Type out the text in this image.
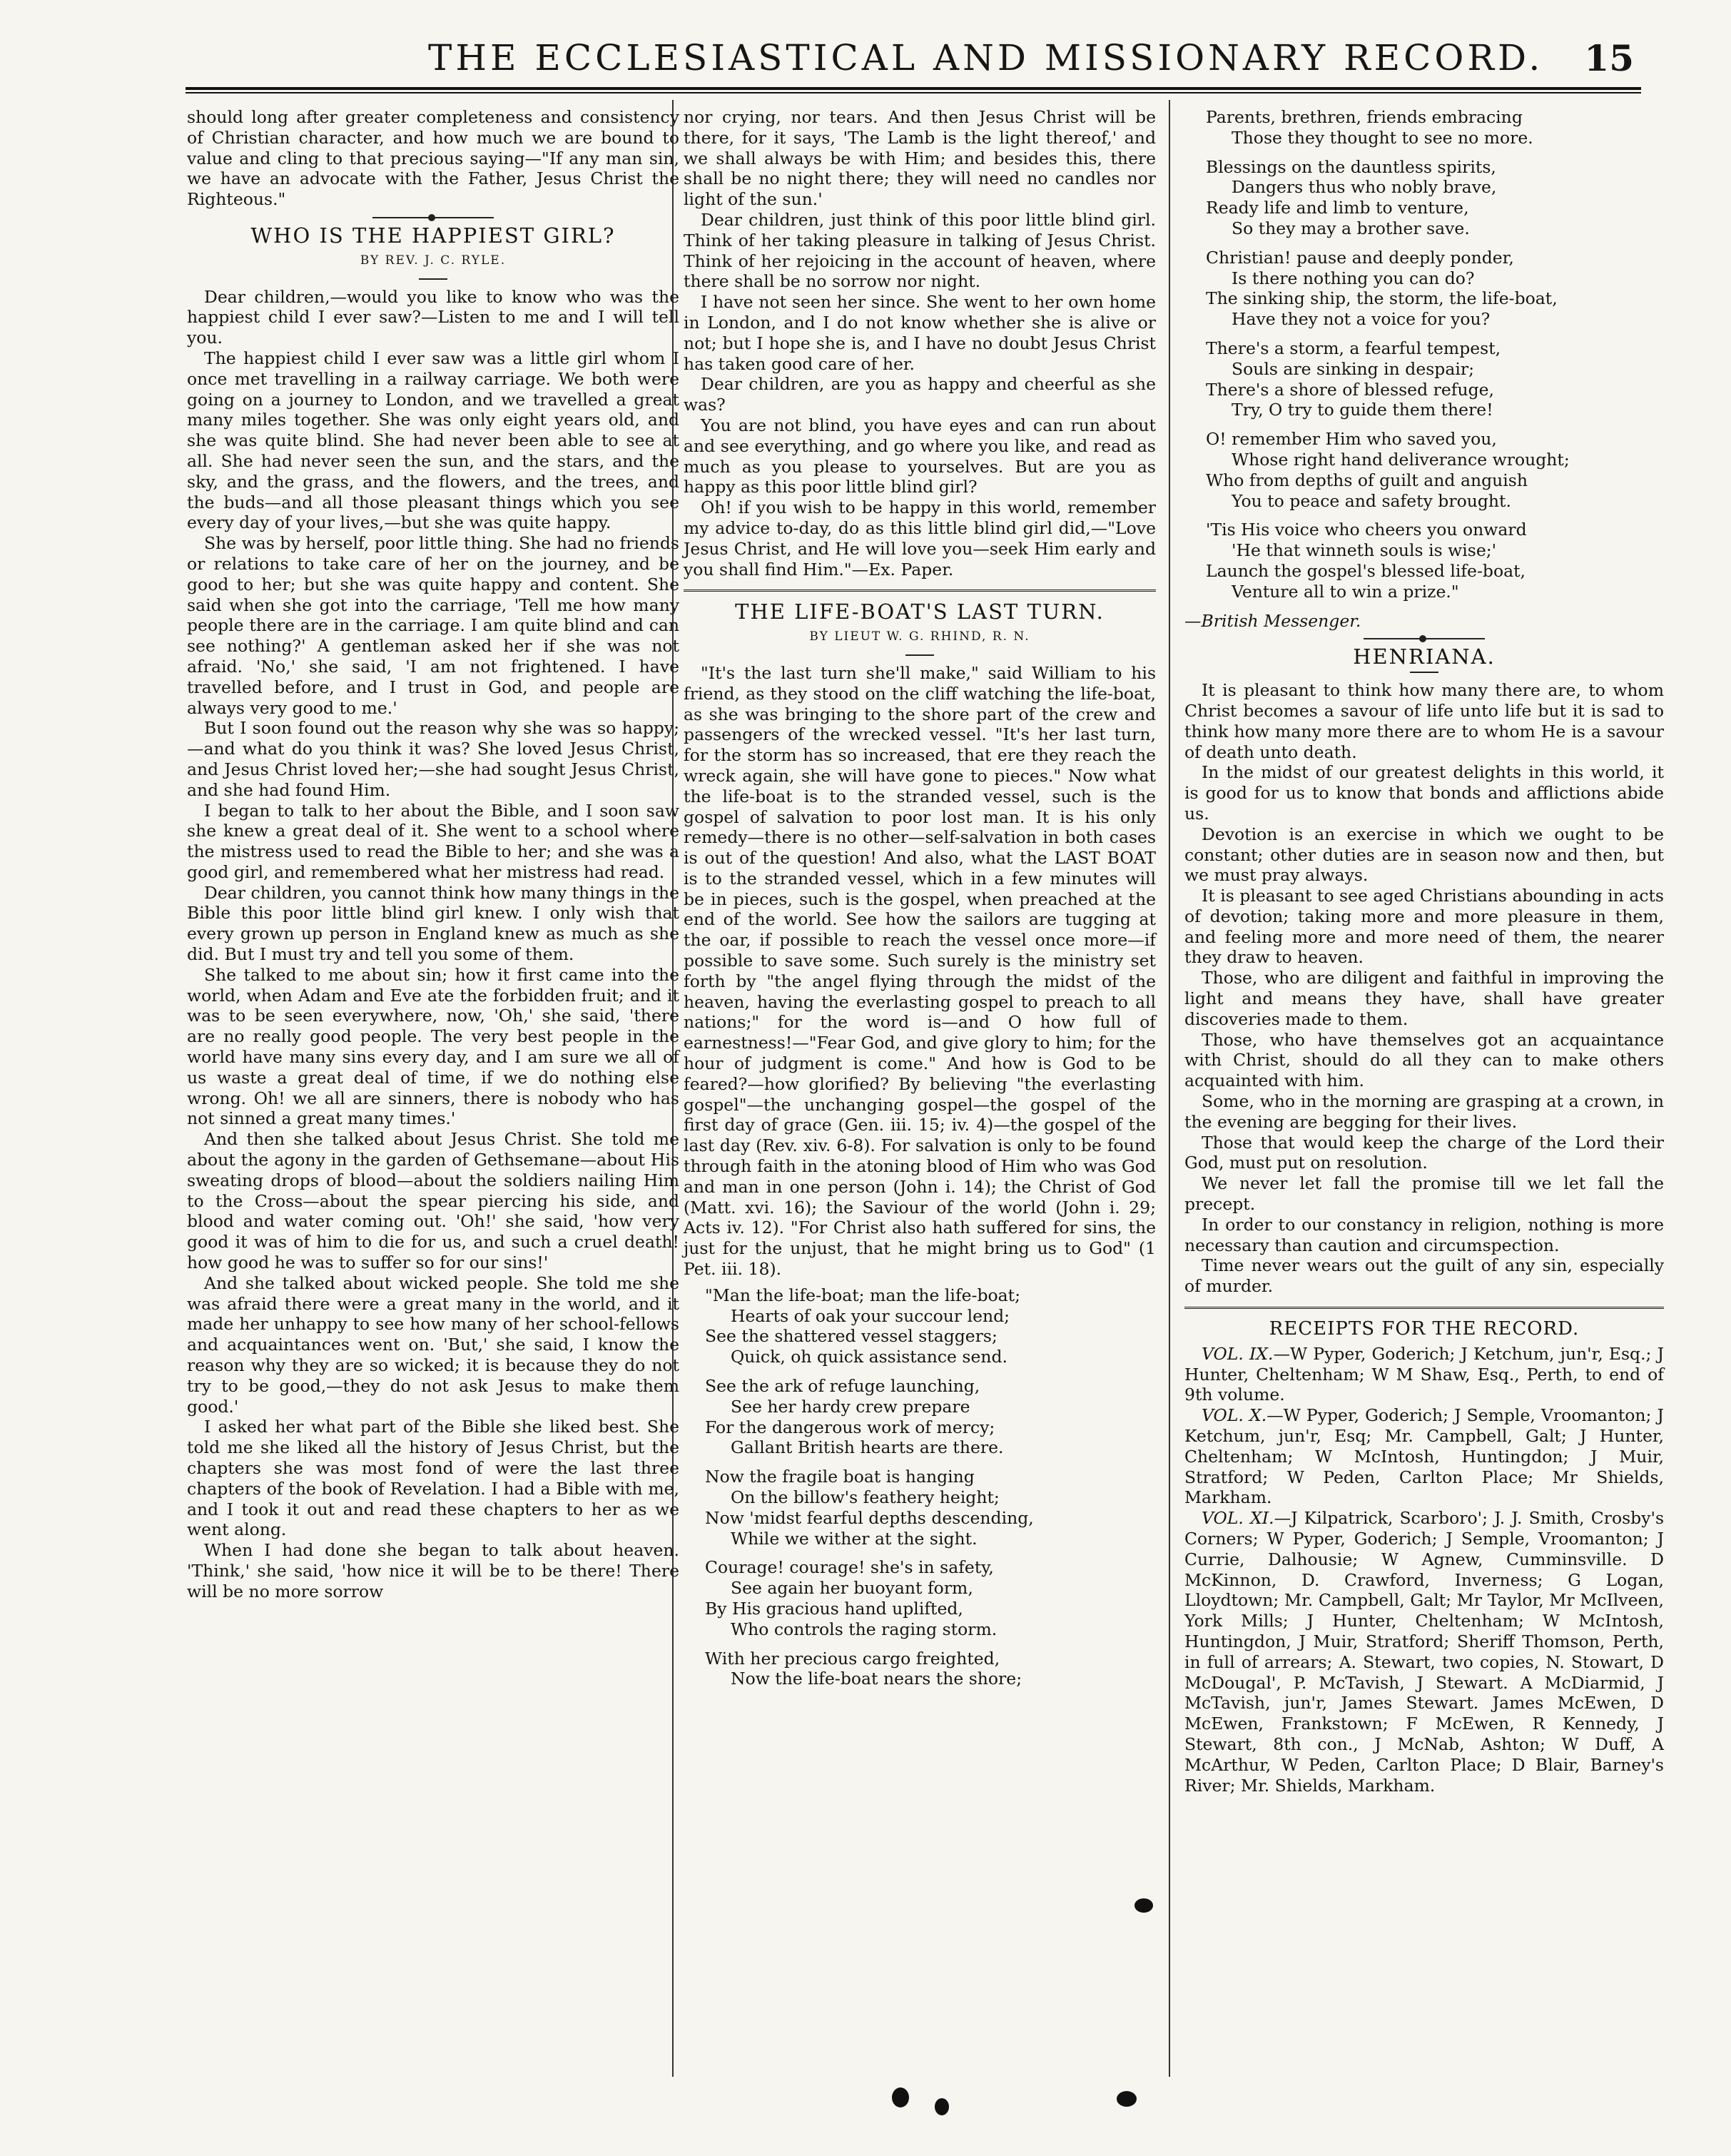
THE ECCLESIASTICAL AND MISSIONARY RECORD. 15

should long after greater completeness and consistency of Christian character, and how much we are bound to value and cling to that precious saying—"If any man sin, we have an advocate with the Father, Jesus Christ the Righteous."

WHO IS THE HAPPIEST GIRL?
BY REV. J. C. RYLE.

Dear children,—would you like to know who was the happiest child I ever saw?—Listen to me and I will tell you.

The happiest child I ever saw was a little girl whom I once met travelling in a railway carriage. We both were going on a journey to London, and we travelled a great many miles together. She was only eight years old, and she was quite blind. She had never been able to see at all. She had never seen the sun, and the stars, and the sky, and the grass, and the flowers, and the trees, and the buds—and all those pleasant things which you see every day of your lives,—but she was quite happy.

She was by herself, poor little thing. She had no friends or relations to take care of her on the journey, and be good to her; but she was quite happy and content. She said when she got into the carriage, 'Tell me how many people there are in the carriage. I am quite blind and can see nothing?' A gentleman asked her if she was not afraid. 'No,' she said, 'I am not frightened. I have travelled before, and I trust in God, and people are always very good to me.'

But I soon found out the reason why she was so happy;—and what do you think it was? She loved Jesus Christ, and Jesus Christ loved her;—she had sought Jesus Christ, and she had found Him.

I began to talk to her about the Bible, and I soon saw she knew a great deal of it. She went to a school where the mistress used to read the Bible to her; and she was a good girl, and remembered what her mistress had read.

Dear children, you cannot think how many things in the Bible this poor little blind girl knew. I only wish that every grown up person in England knew as much as she did. But I must try and tell you some of them.

She talked to me about sin; how it first came into the world, when Adam and Eve ate the forbidden fruit; and it was to be seen everywhere, now, 'Oh,' she said, 'there are no really good people. The very best people in the world have many sins every day, and I am sure we all of us waste a great deal of time, if we do nothing else wrong. Oh! we all are sinners, there is nobody who has not sinned a great many times.'

And then she talked about Jesus Christ. She told me about the agony in the garden of Gethsemane—about His sweating drops of blood—about the soldiers nailing Him to the Cross—about the spear piercing his side, and blood and water coming out. 'Oh!' she said, 'how very good it was of him to die for us, and such a cruel death! how good he was to suffer so for our sins!'

And she talked about wicked people. She told me she was afraid there were a great many in the world, and it made her unhappy to see how many of her school-fellows and acquaintances went on. 'But,' she said, I know the reason why they are so wicked; it is because they do not try to be good,—they do not ask Jesus to make them good.'

I asked her what part of the Bible she liked best. She told me she liked all the history of Jesus Christ, but the chapters she was most fond of were the last three chapters of the book of Revelation. I had a Bible with me, and I took it out and read these chapters to her as we went along.

When I had done she began to talk about heaven. 'Think,' she said, 'how nice it will be to be there! There will be no more sorrow

nor crying, nor tears. And then Jesus Christ will be there, for it says, 'The Lamb is the light thereof,' and we shall always be with Him; and besides this, there shall be no night there; they will need no candles nor light of the sun.'

Dear children, just think of this poor little blind girl. Think of her taking pleasure in talking of Jesus Christ. Think of her rejoicing in the account of heaven, where there shall be no sorrow nor night.

I have not seen her since. She went to her own home in London, and I do not know whether she is alive or not; but I hope she is, and I have no doubt Jesus Christ has taken good care of her.

Dear children, are you as happy and cheerful as she was?

You are not blind, you have eyes and can run about and see everything, and go where you like, and read as much as you please to yourselves. But are you as happy as this poor little blind girl?

Oh! if you wish to be happy in this world, remember my advice to-day, do as this little blind girl did,—"Love Jesus Christ, and He will love you—seek Him early and you shall find Him."—Ex. Paper.

THE LIFE-BOAT'S LAST TURN.
BY LIEUT W. G. RHIND, R. N.

"It's the last turn she'll make," said William to his friend, as they stood on the cliff watching the life-boat, as she was bringing to the shore part of the crew and passengers of the wrecked vessel. "It's her last turn, for the storm has so increased, that ere they reach the wreck again, she will have gone to pieces." Now what the life-boat is to the stranded vessel, such is the gospel of salvation to poor lost man. It is his only remedy—there is no other—self-salvation in both cases is out of the question! And also, what the LAST BOAT is to the stranded vessel, which in a few minutes will be in pieces, such is the gospel, when preached at the end of the world. See how the sailors are tugging at the oar, if possible to reach the vessel once more—if possible to save some. Such surely is the ministry set forth by "the angel flying through the midst of the heaven, having the everlasting gospel to preach to all nations;" for the word is—and O how full of earnestness!—"Fear God, and give glory to him; for the hour of judgment is come." And how is God to be feared?—how glorified? By believing "the everlasting gospel"—the unchanging gospel—the gospel of the first day of grace (Gen. iii. 15; iv. 4)—the gospel of the last day (Rev. xiv. 6-8). For salvation is only to be found through faith in the atoning blood of Him who was God and man in one person (John i. 14); the Christ of God (Matt. xvi. 16); the Saviour of the world (John i. 29; Acts iv. 12). "For Christ also hath suffered for sins, the just for the unjust, that he might bring us to God" (1 Pet. iii. 18).

"Man the life-boat; man the life-boat;
Hearts of oak your succour lend;
See the shattered vessel staggers;
Quick, oh quick assistance send.
See the ark of refuge launching,
See her hardy crew prepare
For the dangerous work of mercy;
Gallant British hearts are there.
Now the fragile boat is hanging
On the billow's feathery height;
Now 'midst fearful depths descending,
While we wither at the sight.
Courage! courage! she's in safety,
See again her buoyant form,
By His gracious hand uplifted,
Who controls the raging storm.
With her precious cargo freighted,
Now the life-boat nears the shore;
Parents, brethren, friends embracing
Those they thought to see no more.
Blessings on the dauntless spirits,
Dangers thus who nobly brave,
Ready life and limb to venture,
So they may a brother save.
Christian! pause and deeply ponder,
Is there nothing you can do?
The sinking ship, the storm, the life-boat,
Have they not a voice for you?
There's a storm, a fearful tempest,
Souls are sinking in despair;
There's a shore of blessed refuge,
Try, O try to guide them there!
O! remember Him who saved you,
Whose right hand deliverance wrought;
Who from depths of guilt and anguish
You to peace and safety brought.
'Tis His voice who cheers you onward
'He that winneth souls is wise;'
Launch the gospel's blessed life-boat,
Venture all to win a prize."

—British Messenger.

HENRIANA.

It is pleasant to think how many there are, to whom Christ becomes a savour of life unto life but it is sad to think how many more there are to whom He is a savour of death unto death.

In the midst of our greatest delights in this world, it is good for us to know that bonds and afflictions abide us.

Devotion is an exercise in which we ought to be constant; other duties are in season now and then, but we must pray always.

It is pleasant to see aged Christians abounding in acts of devotion; taking more and more pleasure in them, and feeling more and more need of them, the nearer they draw to heaven.

Those, who are diligent and faithful in improving the light and means they have, shall have greater discoveries made to them.

Those, who have themselves got an acquaintance with Christ, should do all they can to make others acquainted with him.

Some, who in the morning are grasping at a crown, in the evening are begging for their lives.

Those that would keep the charge of the Lord their God, must put on resolution.

We never let fall the promise till we let fall the precept.

In order to our constancy in religion, nothing is more necessary than caution and circumspection.

Time never wears out the guilt of any sin, especially of murder.

RECEIPTS FOR THE RECORD.

VOL. IX.—W Pyper, Goderich; J Ketchum, jun'r, Esq.; J Hunter, Cheltenham; W M Shaw, Esq., Perth, to end of 9th volume.

VOL. X.—W Pyper, Goderich; J Semple, Vroomanton; J Ketchum, jun'r, Esq; Mr. Campbell, Galt; J Hunter, Cheltenham; W McIntosh, Huntingdon; J Muir, Stratford; W Peden, Carlton Place; Mr Shields, Markham.

VOL. XI.—J Kilpatrick, Scarboro'; J. J. Smith, Crosby's Corners; W Pyper, Goderich; J Semple, Vroomanton; J Currie, Dalhousie; W Agnew, Cumminsville. D McKinnon, D. Crawford, Inverness; G Logan, Lloydtown; Mr. Campbell, Galt; Mr Taylor, Mr McIlveen, York Mills; J Hunter, Cheltenham; W McIntosh, Huntingdon, J Muir, Stratford; Sheriff Thomson, Perth, in full of arrears; A. Stewart, two copies, N. Stowart, D McDougal', P. McTavish, J Stewart. A McDiarmid, J McTavish, jun'r, James Stewart. James McEwen, D McEwen, Frankstown; F McEwen, R Kennedy, J Stewart, 8th con., J McNab, Ashton; W Duff, A McArthur, W Peden, Carlton Place; D Blair, Barney's River; Mr. Shields, Markham.
